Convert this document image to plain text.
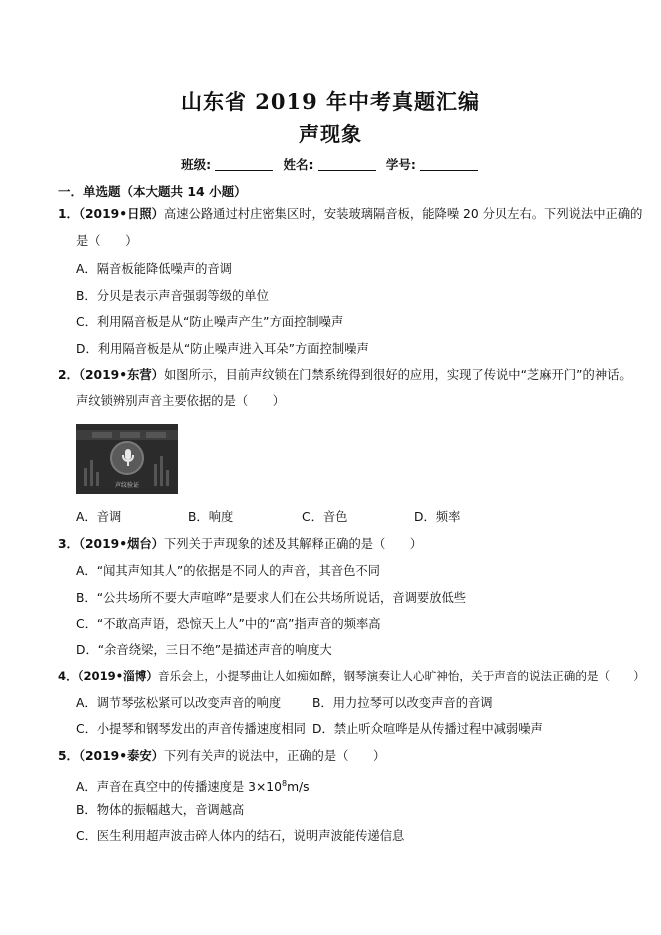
山东省 2019 年中考真题汇编
声现象
班级:	姓名:	学号:
一．单选题（本大题共 14 小题）
1．（2019•日照）高速公路通过村庄密集区时，安装玻璃隔音板，能降噪 20 分贝左右。下列说法中正确的
是（　　）
A．隔音板能降低噪声的音调
B．分贝是表示声音强弱等级的单位
C．利用隔音板是从“防止噪声产生”方面控制噪声
D．利用隔音板是从“防止噪声进入耳朵”方面控制噪声
2．（2019•东营）如图所示，目前声纹锁在门禁系统得到很好的应用，实现了传说中“芝麻开门”的神话。
声纹锁辨别声音主要依据的是（　　）
声纹验证
A．音调	B．响度	C．音色	D．频率
3．（2019•烟台）下列关于声现象的述及其解释正确的是（　　）
A．“闻其声知其人”的依据是不同人的声音，其音色不同
B．“公共场所不要大声喧哗”是要求人们在公共场所说话，音调要放低些
C．“不敢高声语，恐惊天上人”中的“高”指声音的频率高
D．“余音绕梁，三日不绝”是描述声音的响度大
4．（2019•淄博）音乐会上，小提琴曲让人如痴如醉，钢琴演奏让人心旷神怡，关于声音的说法正确的是（　　）
A．调节琴弦松紧可以改变声音的响度	B．用力拉琴可以改变声音的音调
C．小提琴和钢琴发出的声音传播速度相同 D．禁止听众喧哗是从传播过程中减弱噪声
5．（2019•泰安）下列有关声的说法中，正确的是（　　）
A．声音在真空中的传播速度是 $3\times 10^8m/s$
B．物体的振幅越大，音调越高
C．医生利用超声波击碎人体内的结石，说明声波能传递信息
